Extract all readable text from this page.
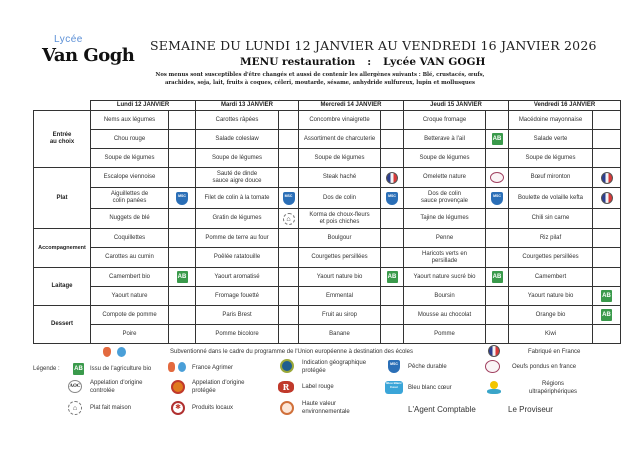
Lycée
Van Gogh SEMAINE DU LUNDI 12 JANVIER AU VENDREDI 16 JANVIER 2026
MENU restauration : Lycée VAN GOGH
Nos menus sont susceptibles d'être changés et aussi de contenir les allergènes suivants : Blé, crustacés, œufs,
arachides, soja, lait, fruits à coques, céleri, moutarde, sésame, anhydride sulfureux, lupin et mollusques
	Lundi 12 JANVIER		Mardi 13 JANVIER		Mercredi 14 JANVIER		Jeudi 15 JANVIER		Vendredi 16 JANVIER	
Entrée
au choix	Nems aux légumes		Carottes râpées		Concombre vinaigrette		Croque fromage		Macédoine mayonnaise	
	Chou rouge		Salade coleslaw		Assortiment de charcuterie		Betterave à l'ail	AB	Salade verte	
	Soupe de légumes		Soupe de légumes		Soupe de légumes		Soupe de légumes		Soupe de légumes	
Plat	Escalope viennoise		Sauté de dinde
sauce aigre douce		Steak haché		Omelette nature		Bœuf mironton	
	Aiguillettes de
colin panées	MSC	Filet de colin à la tomate	MSC	Dos de colin	MSC	Dos de colin
sauce provençale	MSC	Boulette de volaille kefta	
	Nuggets de blé		Gratin de légumes	⌂	Korma de choux-fleurs
et pois chiches		Tajine de légumes		Chili sin carne	
Accompagnement	Coquillettes		Pomme de terre au four		Boulgour		Penne		Riz pilaf	
	Carottes au cumin		Poêlée ratatouille		Courgettes persillées		Haricots verts en
persillade		Courgettes persillées	
Laitage	Camembert bio	AB	Yaourt aromatisé		Yaourt nature bio	AB	Yaourt nature sucré bio	AB	Camembert	
	Yaourt nature		Fromage fouetté		Emmental		Boursin		Yaourt nature bio	AB
Dessert	Compote de pomme		Paris Brest		Fruit au sirop		Mousse au chocolat		Orange bio	AB
	Poire		Pomme bicolore		Banane		Pomme		Kiwi	
Subventionné dans le cadre du programme de l'Union européenne à destination des écoles	Fabriqué en France
Légende : AB Issu de l'agriculture bio	France Agrimer
Indication géographique
protégée
MSC	Pêche durable	Oeufs pondus en france
AOC
Appelation d'origine
controlée
Appelation d'origine
protégée	R	Label rouge
Bleu Blanc Cœur	Bleu blanc cœur
Régions
ultrapériphériques
⌂	Plat fait maison	✱	Produits locaux
Haute valeur
environnementale	L'Agent Comptable	Le Proviseur
